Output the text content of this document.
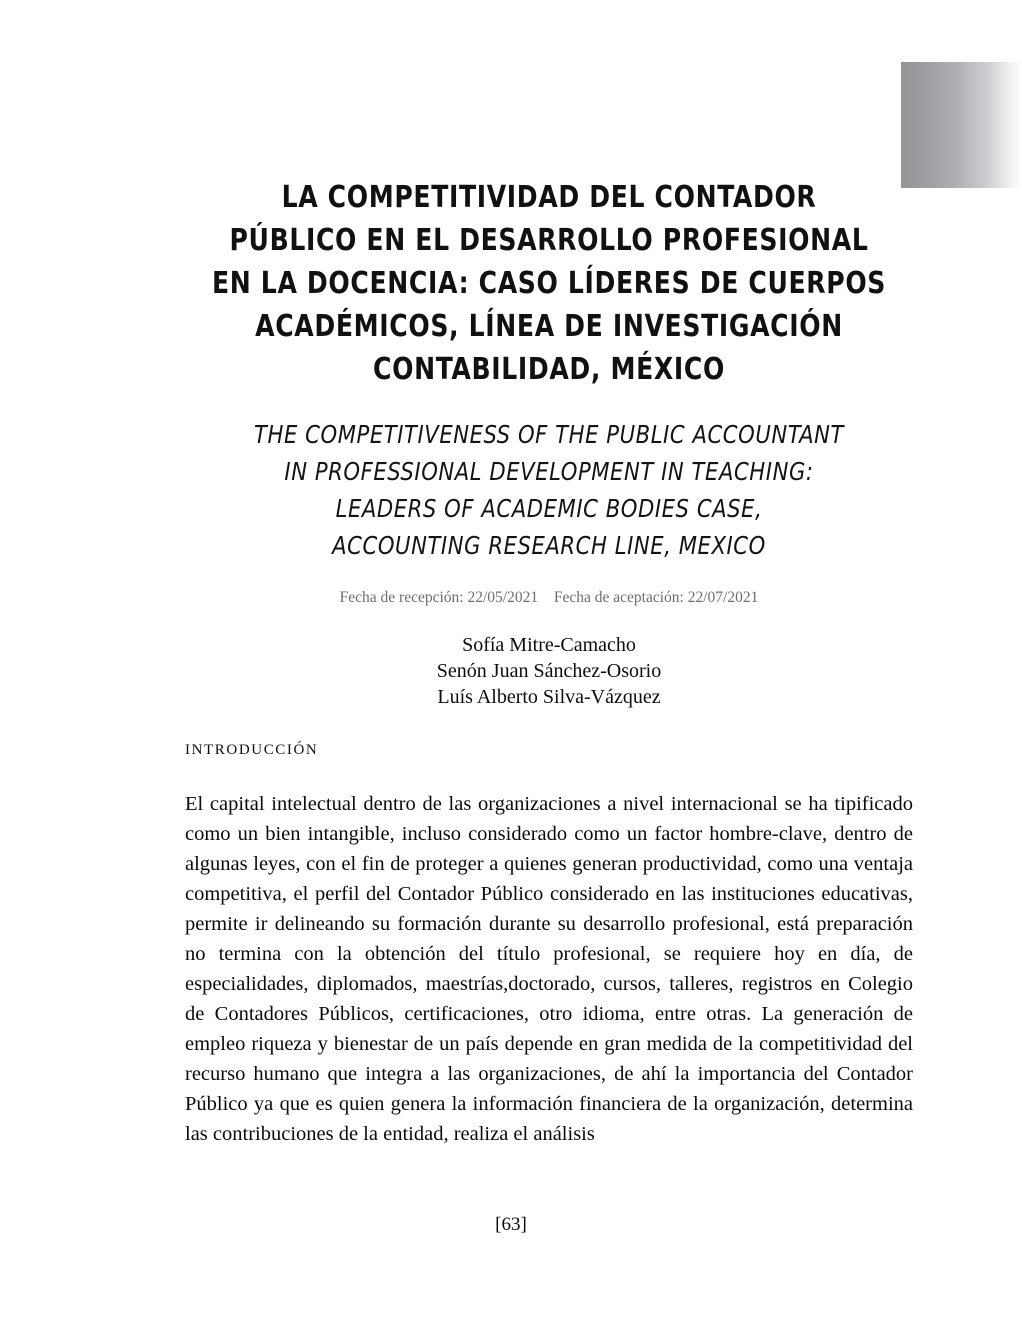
LA COMPETITIVIDAD DEL CONTADOR
PÚBLICO EN EL DESARROLLO PROFESIONAL
EN LA DOCENCIA: CASO LÍDERES DE CUERPOS
ACADÉMICOS, LÍNEA DE INVESTIGACIÓN
CONTABILIDAD, MÉXICO
THE COMPETITIVENESS OF THE PUBLIC ACCOUNTANT
IN PROFESSIONAL DEVELOPMENT IN TEACHING:
LEADERS OF ACADEMIC BODIES CASE,
ACCOUNTING RESEARCH LINE, MEXICO

Fecha de recepción: 22/05/2021 Fecha de aceptación: 22/07/2021

Sofía Mitre-Camacho
Senón Juan Sánchez-Osorio
Luís Alberto Silva-Vázquez
INTRODUCCIÓN

El capital intelectual dentro de las organizaciones a nivel internacional se ha tipificado como un bien intangible, incluso considerado como un factor hombre-clave, dentro de algunas leyes, con el fin de proteger a quienes generan productividad, como una ventaja competitiva, el perfil del Contador Público considerado en las instituciones educativas, permite ir delineando su formación durante su desarrollo profesional, está preparación no termina con la obtención del título profesional, se requiere hoy en día, de especialidades, diplomados, maestrías,doctorado, cursos, talleres, registros en Colegio de Contadores Públicos, certificaciones, otro idioma, entre otras. La generación de empleo riqueza y bienestar de un país depende en gran medida de la competitividad del recurso humano que integra a las organizaciones, de ahí la importancia del Contador Público ya que es quien genera la información financiera de la organización, determina las contribuciones de la entidad, realiza el análisis

[63]
